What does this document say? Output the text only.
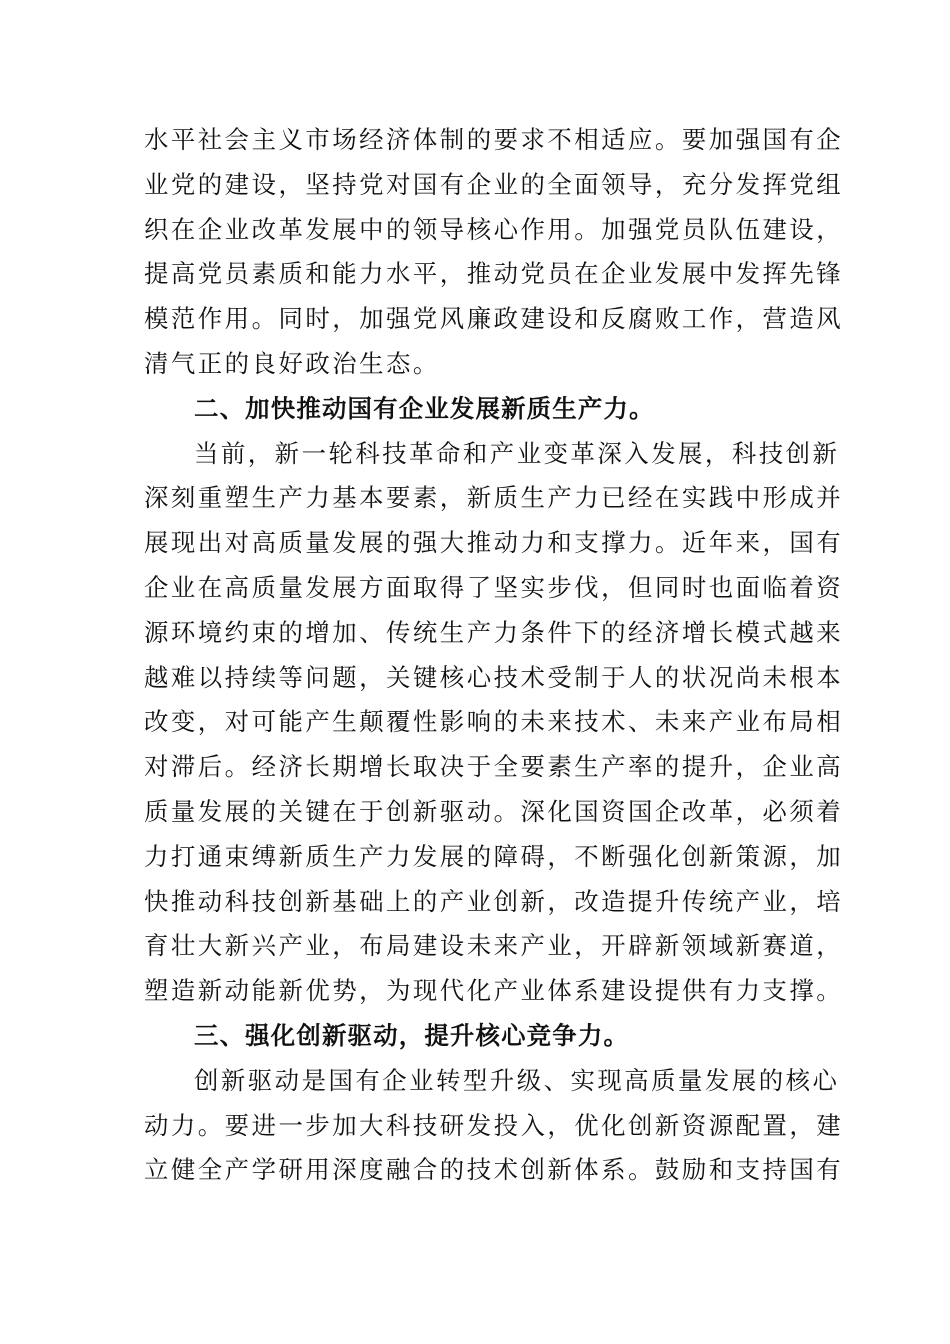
水平社会主义市场经济体制的要求不相适应。要加强国有企
业党的建设，坚持党对国有企业的全面领导，充分发挥党组
织在企业改革发展中的领导核心作用。加强党员队伍建设，
提高党员素质和能力水平，推动党员在企业发展中发挥先锋
模范作用。同时，加强党风廉政建设和反腐败工作，营造风
清气正的良好政治生态。
二、加快推动国有企业发展新质生产力。
当前，新一轮科技革命和产业变革深入发展，科技创新
深刻重塑生产力基本要素，新质生产力已经在实践中形成并
展现出对高质量发展的强大推动力和支撑力。近年来，国有
企业在高质量发展方面取得了坚实步伐，但同时也面临着资
源环境约束的增加、传统生产力条件下的经济增长模式越来
越难以持续等问题，关键核心技术受制于人的状况尚未根本
改变，对可能产生颠覆性影响的未来技术、未来产业布局相
对滞后。经济长期增长取决于全要素生产率的提升，企业高
质量发展的关键在于创新驱动。深化国资国企改革，必须着
力打通束缚新质生产力发展的障碍，不断强化创新策源，加
快推动科技创新基础上的产业创新，改造提升传统产业，培
育壮大新兴产业，布局建设未来产业，开辟新领域新赛道，
塑造新动能新优势，为现代化产业体系建设提供有力支撑。
三、强化创新驱动，提升核心竞争力。
创新驱动是国有企业转型升级、实现高质量发展的核心
动力。要进一步加大科技研发投入，优化创新资源配置，建
立健全产学研用深度融合的技术创新体系。鼓励和支持国有
